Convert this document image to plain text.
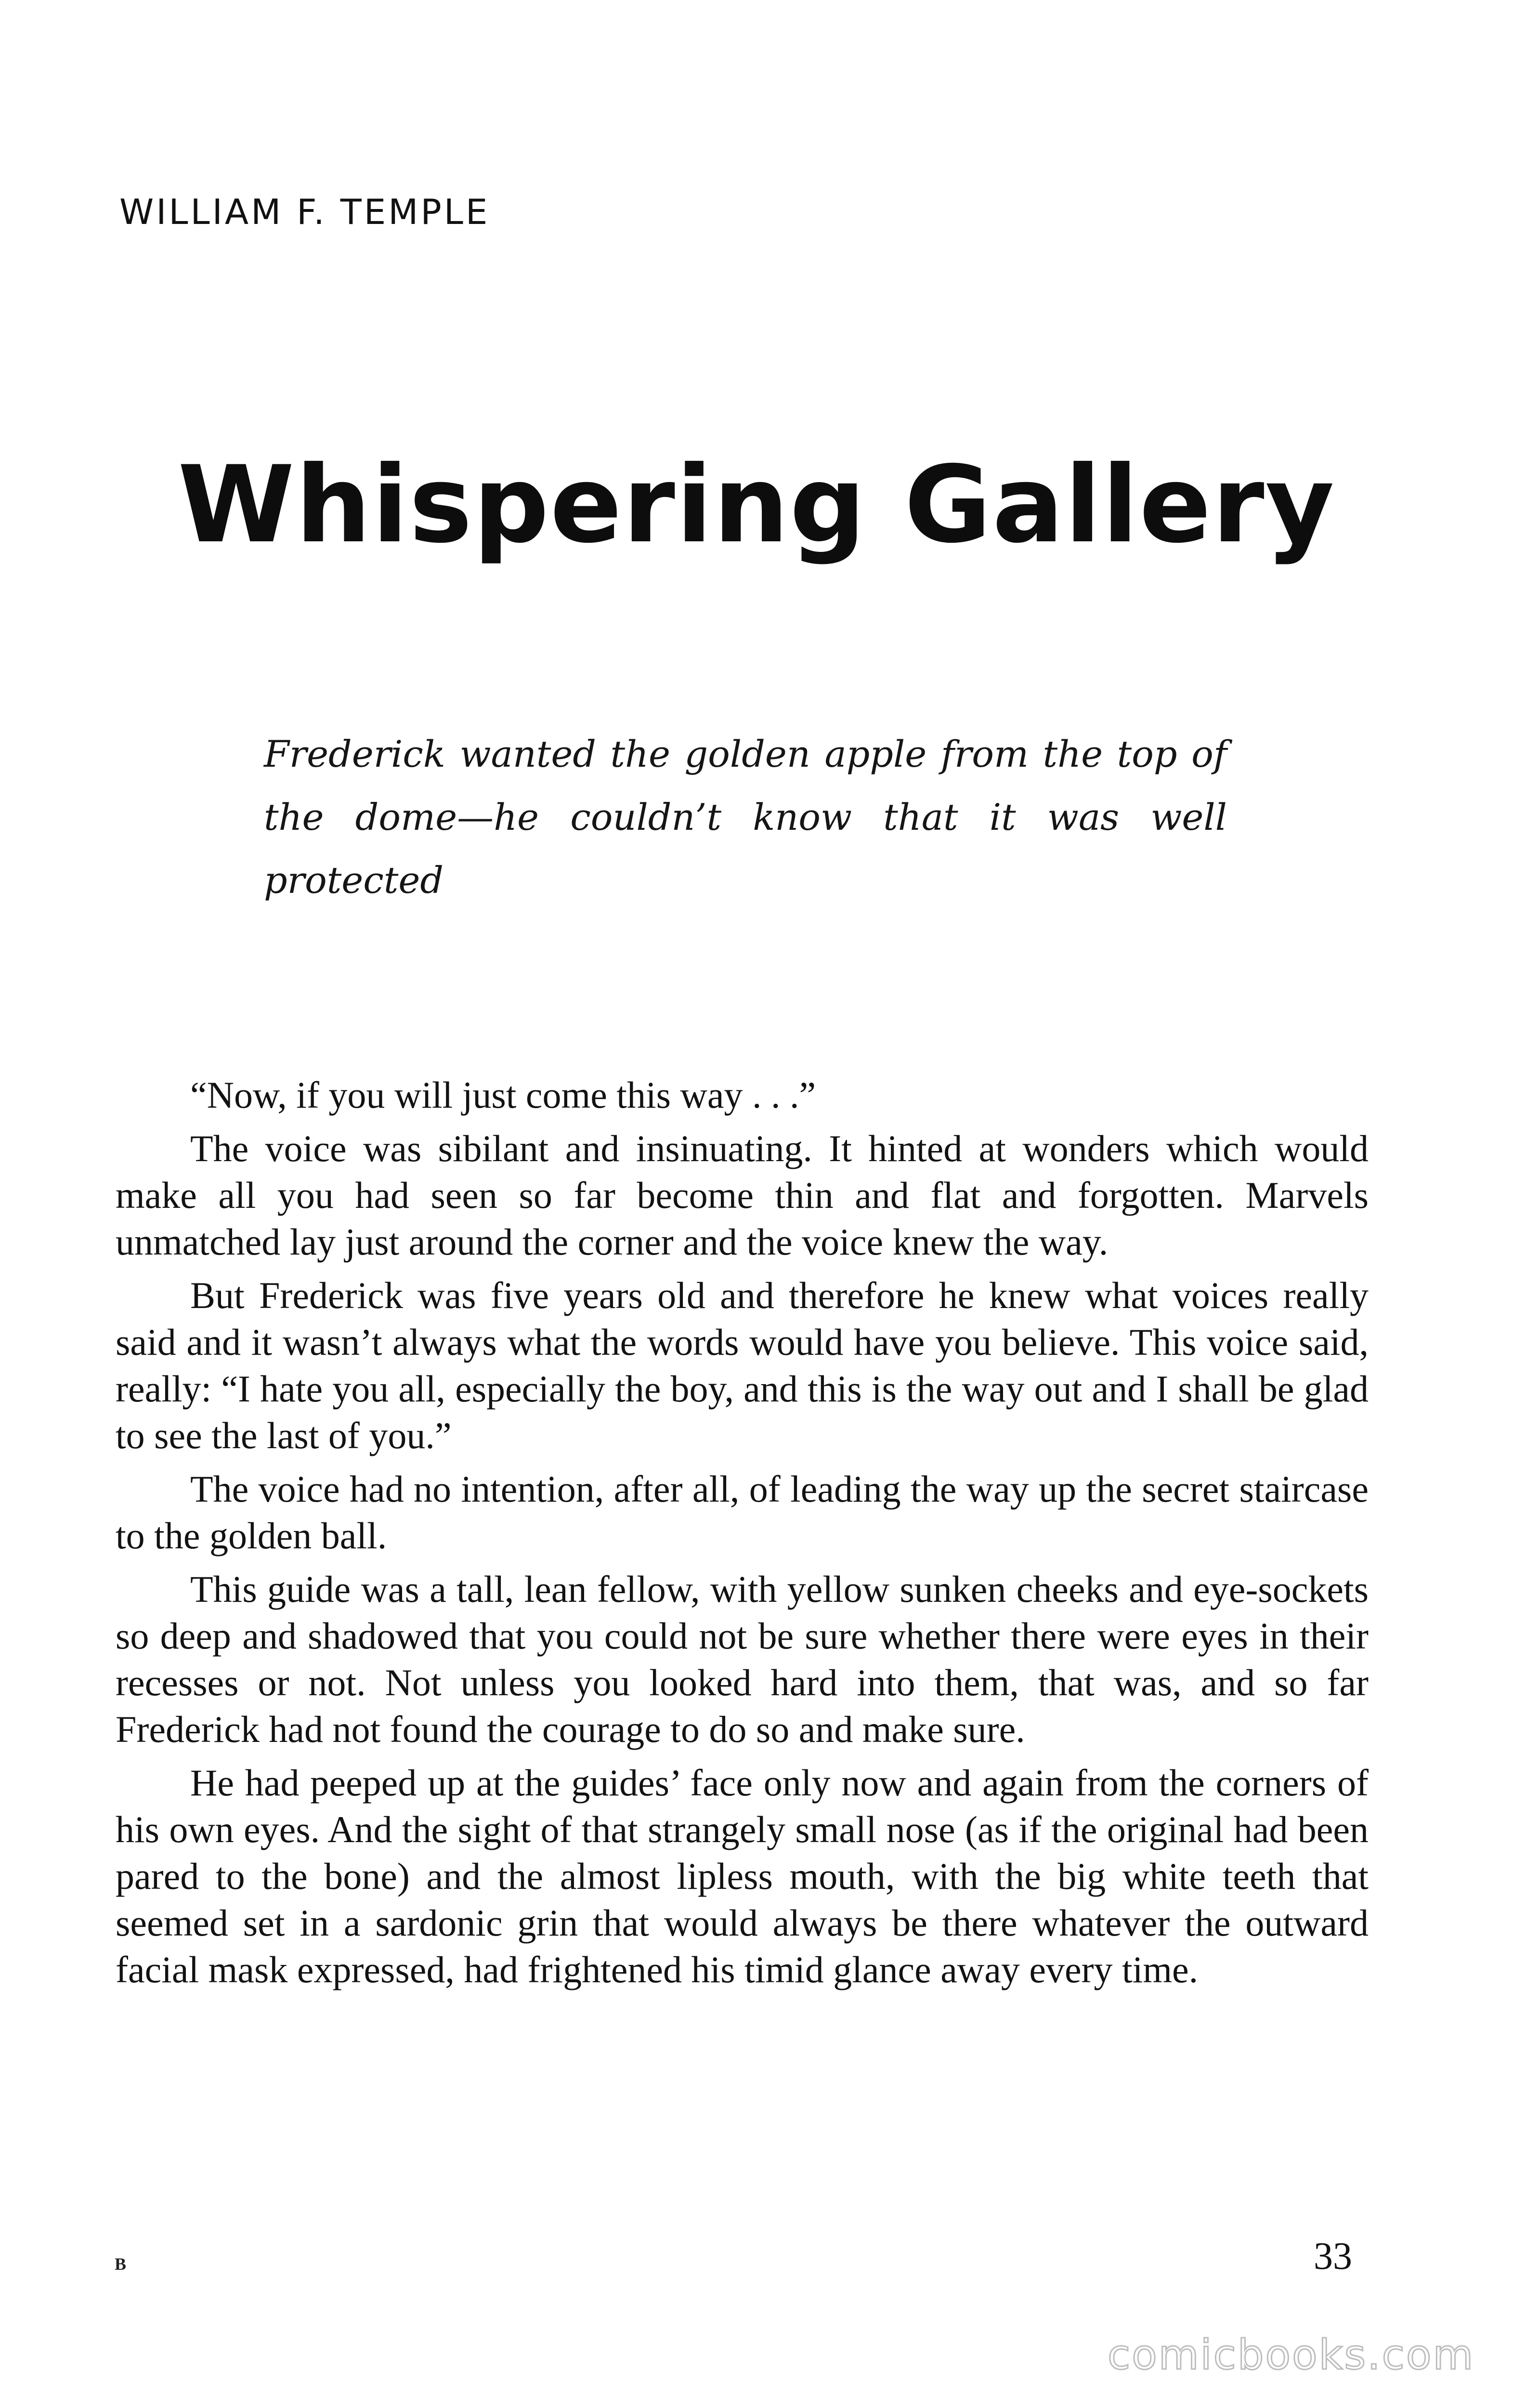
WILLIAM F. TEMPLE
Whispering Gallery
Frederick wanted the golden apple from the top of the dome—he couldn’t know that it was well protected

“Now, if you will just come this way . . .”

The voice was sibilant and insinuating. It hinted at wonders which would make all you had seen so far become thin and flat and forgotten. Marvels unmatched lay just around the corner and the voice knew the way.

But Frederick was five years old and therefore he knew what voices really said and it wasn’t always what the words would have you believe. This voice said, really: “I hate you all, especially the boy, and this is the way out and I shall be glad to see the last of you.”

The voice had no intention, after all, of leading the way up the secret staircase to the golden ball.

This guide was a tall, lean fellow, with yellow sunken cheeks and eye-sockets so deep and shadowed that you could not be sure whether there were eyes in their recesses or not. Not unless you looked hard into them, that was, and so far Frederick had not found the courage to do so and make sure.

He had peeped up at the guides’ face only now and again from the corners of his own eyes. And the sight of that strangely small nose (as if the original had been pared to the bone) and the almost lipless mouth, with the big white teeth that seemed set in a sardonic grin that would always be there whatever the outward facial mask expressed, had frightened his timid glance away every time.

B	33
comicbooks.com
